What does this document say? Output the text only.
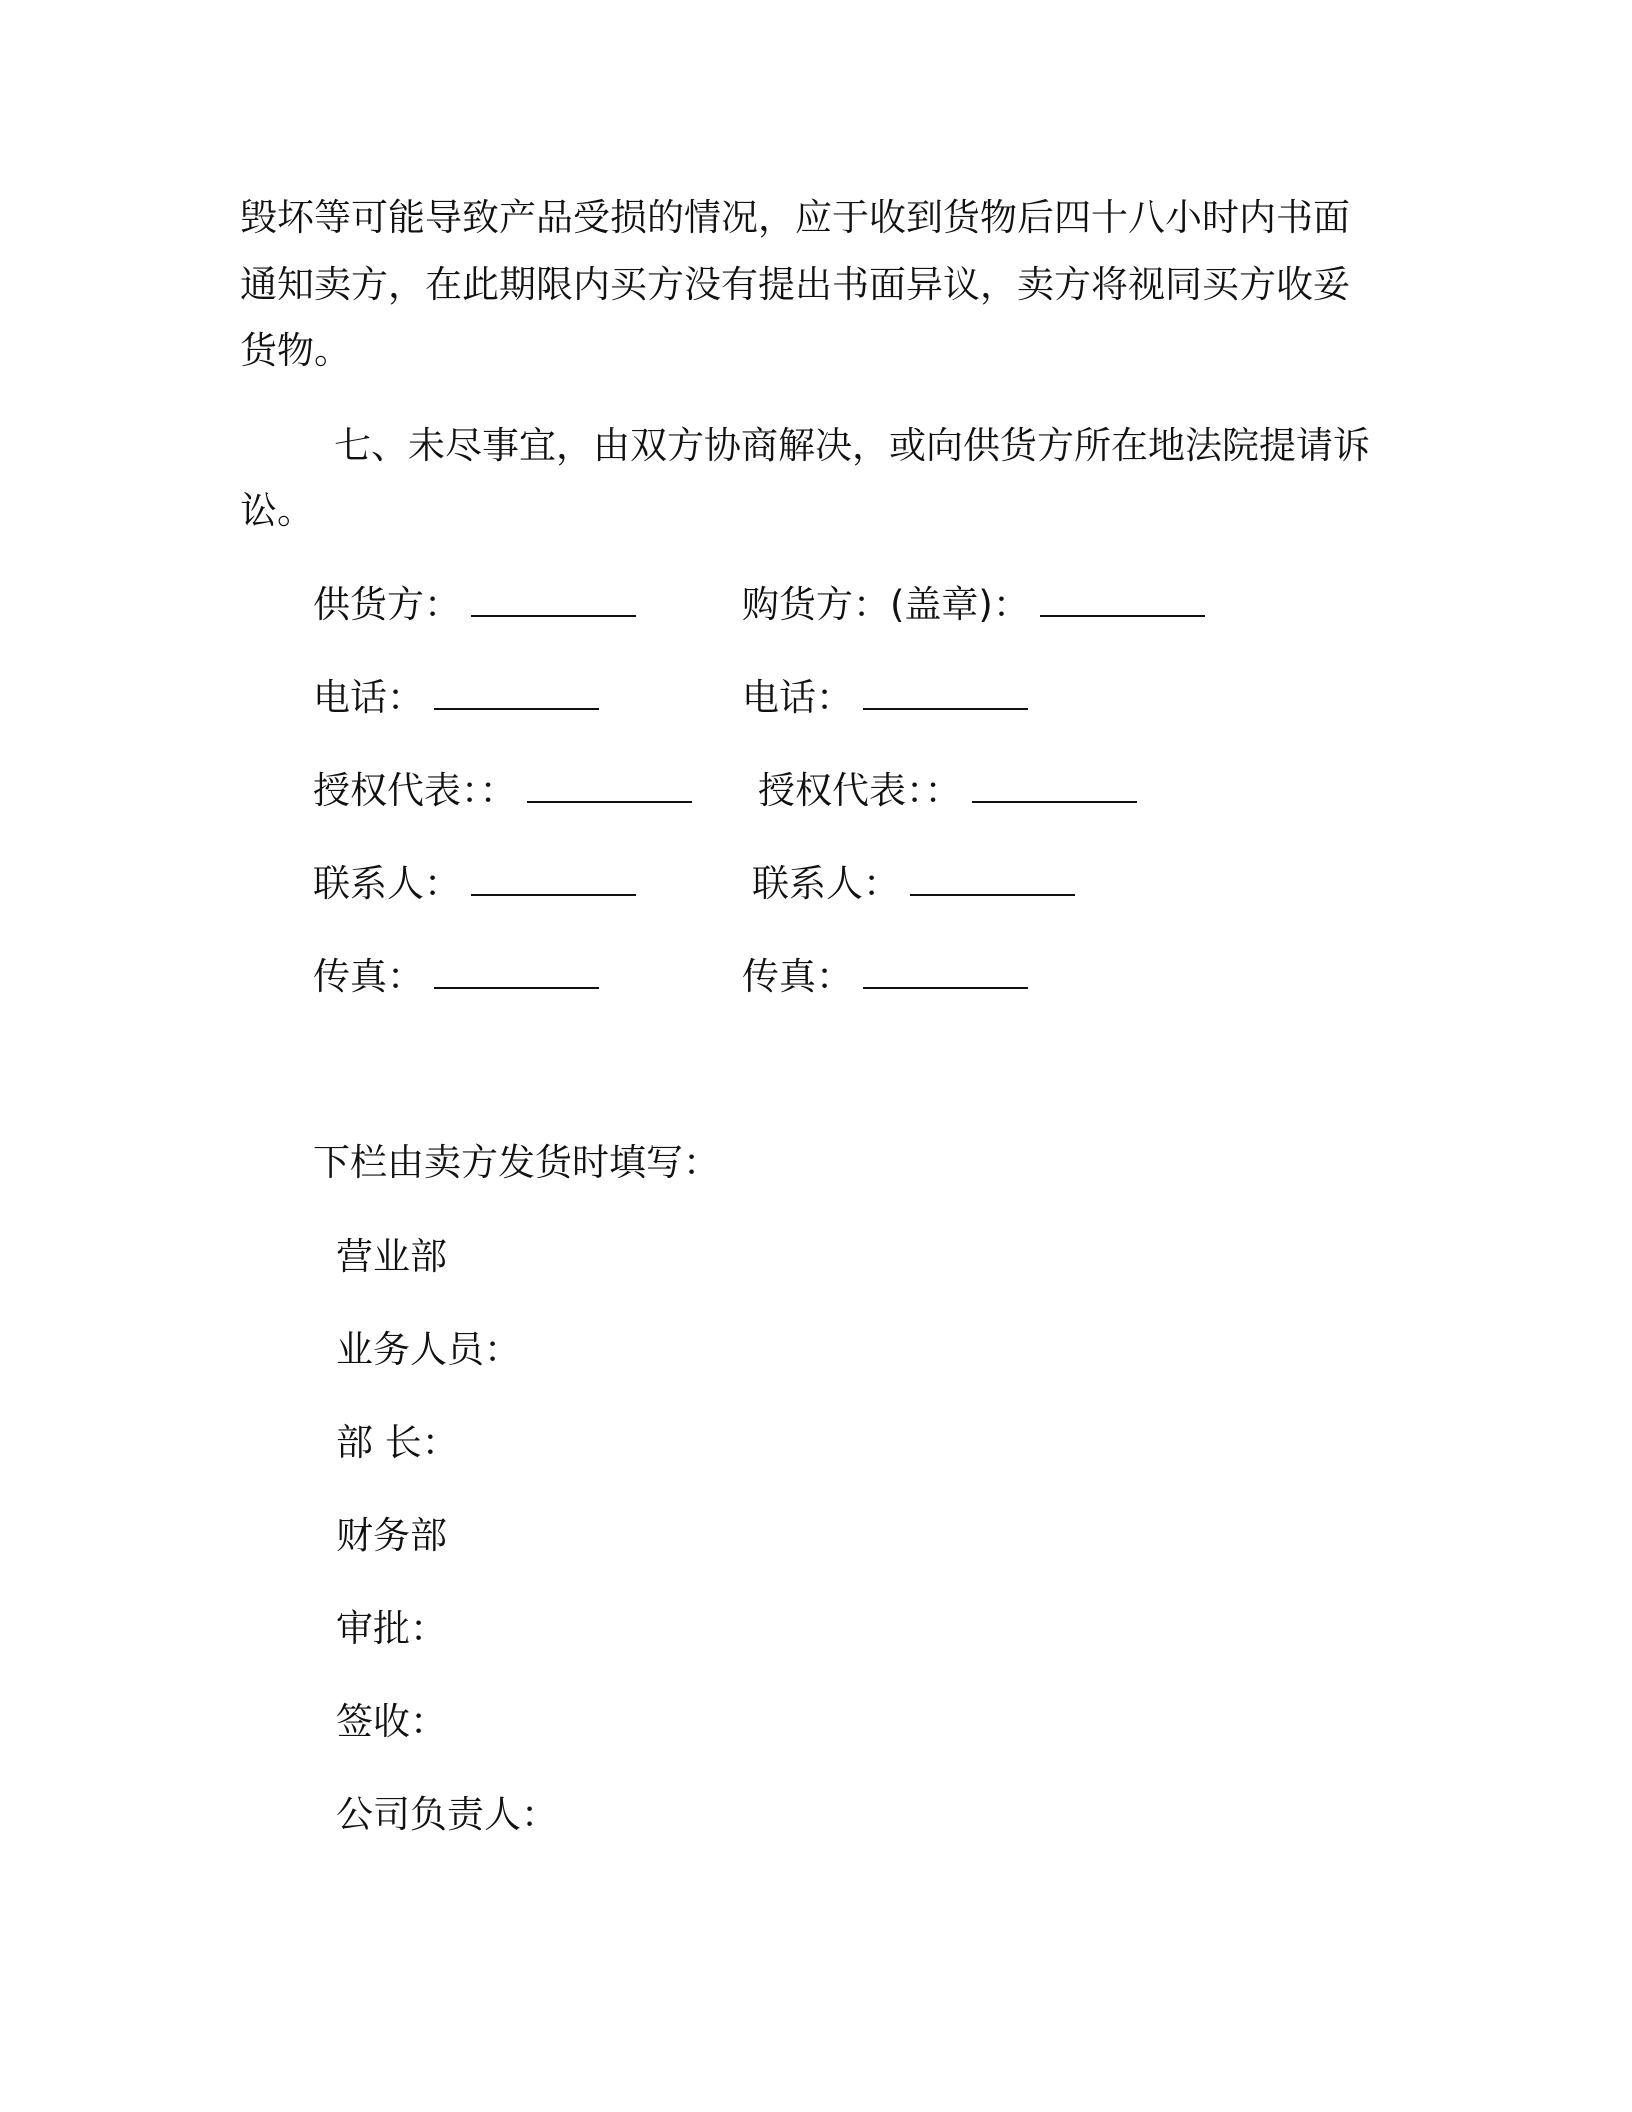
毁坏等可能导致产品受损的情况，应于收到货物后四十八小时内书面
通知卖方，在此期限内买方没有提出书面异议，卖方将视同买方收妥
货物。
七、未尽事宜，由双方协商解决，或向供货方所在地法院提请诉
讼。
供货方：
电话：
授权代表：：
联系人：
传真：
购货方：(盖章)：
电话：
授权代表：：
联系人：
传真：
下栏由卖方发货时填写：
营业部
业务人员：
部 长：
财务部
审批：
签收：
公司负责人：
